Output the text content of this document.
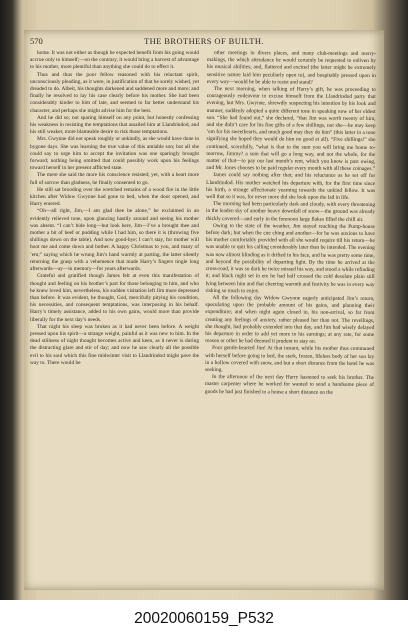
570	THE BROTHERS OF BUILTH.

home. It was not either as though he expected benefit from his going would accrue only to himself;—on the contrary, it would bring a harvest of advantage to his mother, more plentiful than anything she could do to effect it.

Thus and thus the poor fellow reasoned with his reluctant spirit, unconsciously pleading, as it were, in justification of that he sorely wished, yet dreaded to do. Albeit, his thoughts darkened and saddened more and more; and finally he resolved to lay his case clearly before his mother. She had been considerably kinder to him of late, and seemed to far better understand his character, and perhaps she might advise him for the best.

And he did so; not sparing himself on any point, but honestly confessing his weakness in resisting the temptations that assailed him at Llandrindod, and his still weaker, more blameable desire to risk those temptations.

Mrs. Gwynne did not speak roughly or unkindly, as she would have done in bygone days. She was learning the true value of this amiable son; but all she could say to urge him to accept the invitation was one sparingly brought forward; nothing being omitted that could possibly work upon his feelings toward herself in her present afflicted state.

The mere she said the more his conscience resisted; yet, with a heart more full of sorrow than gladness, he finally consented to go.

He still sat brooding over the wretched remains of a wood fire in the little kitchen after Widow Gwynne had gone to bed, when the door opened, and Harry entered.

“Oh—all right, Jim,—I am glad thee be alone,” he exclaimed in an evidently relieved tone, upon glancing hastily around and seeing his mother was absent. “I can’t bide long—but look here, Jim—I’ve a brought thee and mother a bit of beef or pudding while I had him, so there it is (throwing five shillings down on the table). And now good-bye; I can’t stay, for mother will hoot me and come down and bother. A happy Christmas to you, and many of ’em;” saying which he wrung Jim’s hand warmly at parting, the latter silently returning the grasp with a vehemence that made Harry’s fingers tingle long afterwards—ay—in memory—for years afterwards.

Grateful and gratified though James felt at even this manifestation of thought and feeling on his brother’s part for those belonging to him, and who he knew loved him, nevertheless, his sudden visitation left Jim more depressed than before. It was evident, he thought, God, mercifully pitying his condition, his necessities, and consequent temptations, was interposing in his behalf. Harry’s timely assistance, added to his own gains, would more than provide liberally for the next day’s needs.

That night his sleep was broken as it had never been before. A weight pressed upon his spirit—a strange weight, painful as it was new to him. In the dead stillness of night thought becomes active and keen, as it never is during the distracting glare and stir of day; and now he saw clearly all the possible evil to his soul which this fine midwinter visit to Llandrindod might pave the way to. There would be

other meetings in divers places, and many club-meetings and merry-makings, the which attendance he would certainly be requested to enliven by his musical abilities; and, flattered and excited (the latter might be extremely sensitive nature laid him peculiarly open to), and hospitably pressed upon in every way—would he be able to resist and stand?

The next morning, when talking of Harry’s gift, he was proceeding to courageously endeavour to excuse himself from the Llandrindod party that evening, but Mrs. Gwynne, shrewdly suspecting his intention by his look and manner, suddenly adopted a quite different tone in speaking now of her eldest son. “She had found out,” she declared, “that Jim was worth twenty of him, and she didn’t care for his fine gifts of a few shillings, not she—he may keep ’em for his sweethearts, and much good may they do him” (this latter in a tone signifying she hoped they would do him no good at all). “Five shillings!” she continued, scornfully, “what is that to the sum you will bring me home to-morrow, Jimmy? a sum that will go a long way, and not the whole, for the matter of that—to pay our last month’s rent, which you know is past owing, and Mr. Jones chooses to be paid regular every month with all these coinages.”

James could say nothing after that; and his reluctance as he set off for Llandrindod. His mother watched his departure with, for the first time since his birth, a strange affectionate yearning towards the unkind fellow. It was well that so it was, for never more did she look upon the lad in life.

The morning had been particularly dark and cloudy, with every threatening in the leaden sky of another heavy downfall of snow—the ground was already thickly covered—and early in the forenoon large flakes filled the chill air.

Owing to the state of the weather, Jim stayed reaching the Pump-house before dark; but when the cue ching and another—for he was anxious to have his mother comfortably provided with all she would require till his return—he was unable to quit his calling considerably later than he intended. The evening was now almost blinding as it drifted in his face, and he was pretty some time, and beyond the possibility of departing light. By the time he arrived at the cross-road, it was so dark he twice missed his way, and stood a while refinding it; and black night set in ere he had half crossed the cold desolate plain still lying between him and that cheering warmth and festivity he was in every way risking so much to enjoy.

All the following day Widow Gwynne eagerly anticipated Jim’s return, speculating upon the probable amount of his gains, and planning their expenditure; and when night again closed in, his non-arrival, so far from creating any feelings of anxiety, rather pleased her than not. The revellings, she thought, had probably extended into that day, and Jim had wisely delayed his departure in order to add yet more to his earnings; at any rate, for some reason or other he had deemed it prudent to stay on.

Poor gentle-hearted Jim! At that instant, while his mother thus communed with herself before going to bed, the stark, frozen, lifeless body of her son lay in a hollow covered with snow, and but a short distance from the hotel he was seeking.

In the afternoon of the next day Harry hastened to seek his brother. The master carpenter where he worked for wanted to send a handsome piece of goods he had just finished to a house a short distance on the

20020060159_P532
